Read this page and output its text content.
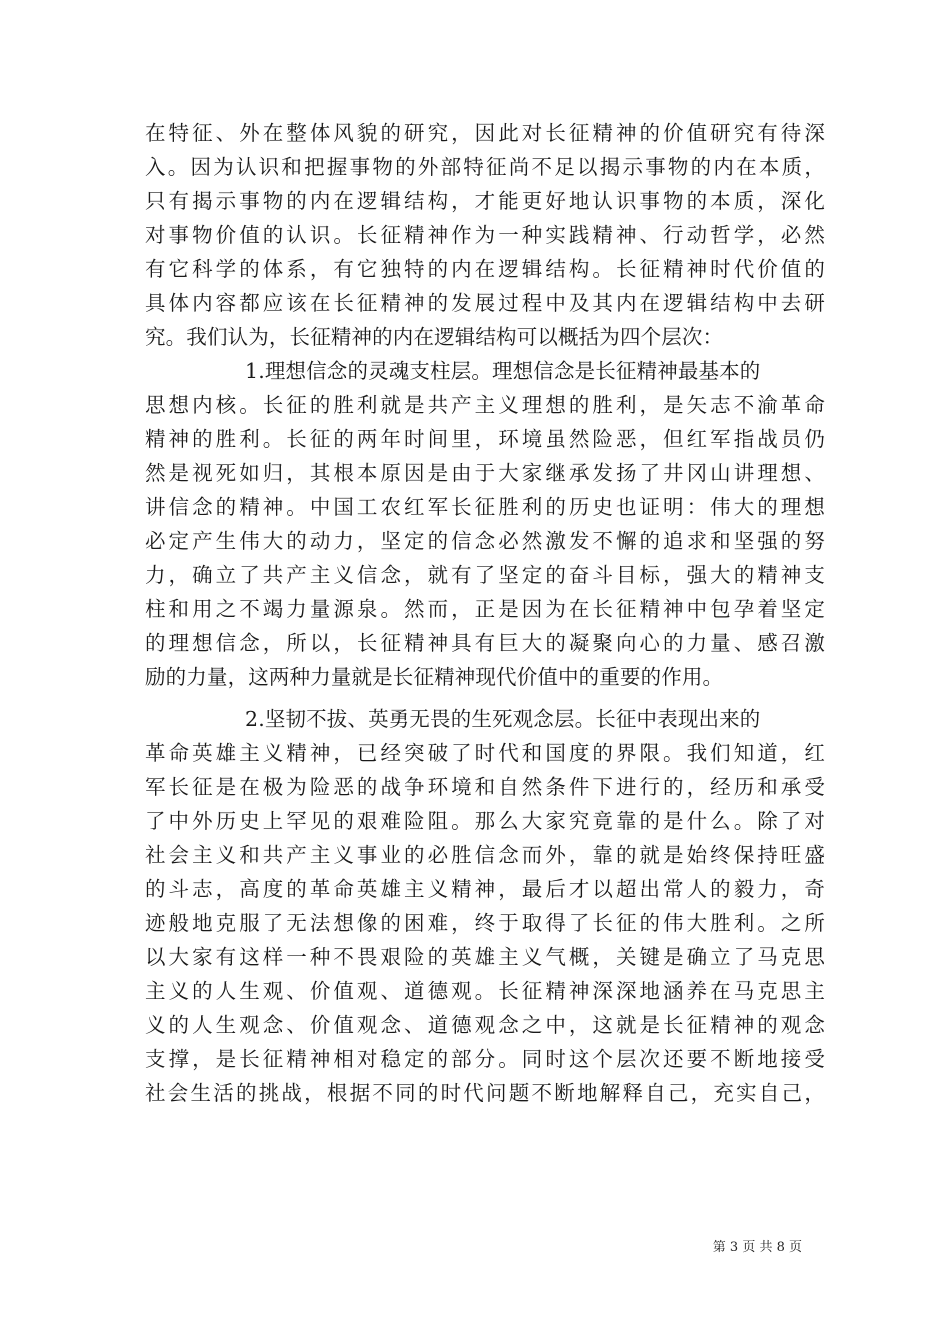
在特征、外在整体风貌的研究，因此对长征精神的价值研究有待深
入。因为认识和把握事物的外部特征尚不足以揭示事物的内在本质，
只有揭示事物的内在逻辑结构，才能更好地认识事物的本质，深化
对事物价值的认识。长征精神作为一种实践精神、行动哲学，必然
有它科学的体系，有它独特的内在逻辑结构。长征精神时代价值的
具体内容都应该在长征精神的发展过程中及其内在逻辑结构中去研
究。我们认为，长征精神的内在逻辑结构可以概括为四个层次：
1.理想信念的灵魂支柱层。理想信念是长征精神最基本的
思想内核。长征的胜利就是共产主义理想的胜利，是矢志不渝革命
精神的胜利。长征的两年时间里，环境虽然险恶，但红军指战员仍
然是视死如归，其根本原因是由于大家继承发扬了井冈山讲理想、
讲信念的精神。中国工农红军长征胜利的历史也证明：伟大的理想
必定产生伟大的动力，坚定的信念必然激发不懈的追求和坚强的努
力，确立了共产主义信念，就有了坚定的奋斗目标，强大的精神支
柱和用之不竭力量源泉。然而，正是因为在长征精神中包孕着坚定
的理想信念，所以，长征精神具有巨大的凝聚向心的力量、感召激
励的力量，这两种力量就是长征精神现代价值中的重要的作用。
2.坚韧不拔、英勇无畏的生死观念层。长征中表现出来的
革命英雄主义精神，已经突破了时代和国度的界限。我们知道，红
军长征是在极为险恶的战争环境和自然条件下进行的，经历和承受
了中外历史上罕见的艰难险阻。那么大家究竟靠的是什么。除了对
社会主义和共产主义事业的必胜信念而外，靠的就是始终保持旺盛
的斗志，高度的革命英雄主义精神，最后才以超出常人的毅力，奇
迹般地克服了无法想像的困难，终于取得了长征的伟大胜利。之所
以大家有这样一种不畏艰险的英雄主义气概，关键是确立了马克思
主义的人生观、价值观、道德观。长征精神深深地涵养在马克思主
义的人生观念、价值观念、道德观念之中，这就是长征精神的观念
支撑，是长征精神相对稳定的部分。同时这个层次还要不断地接受
社会生活的挑战，根据不同的时代问题不断地解释自己，充实自己，
第 3 页 共 8 页
